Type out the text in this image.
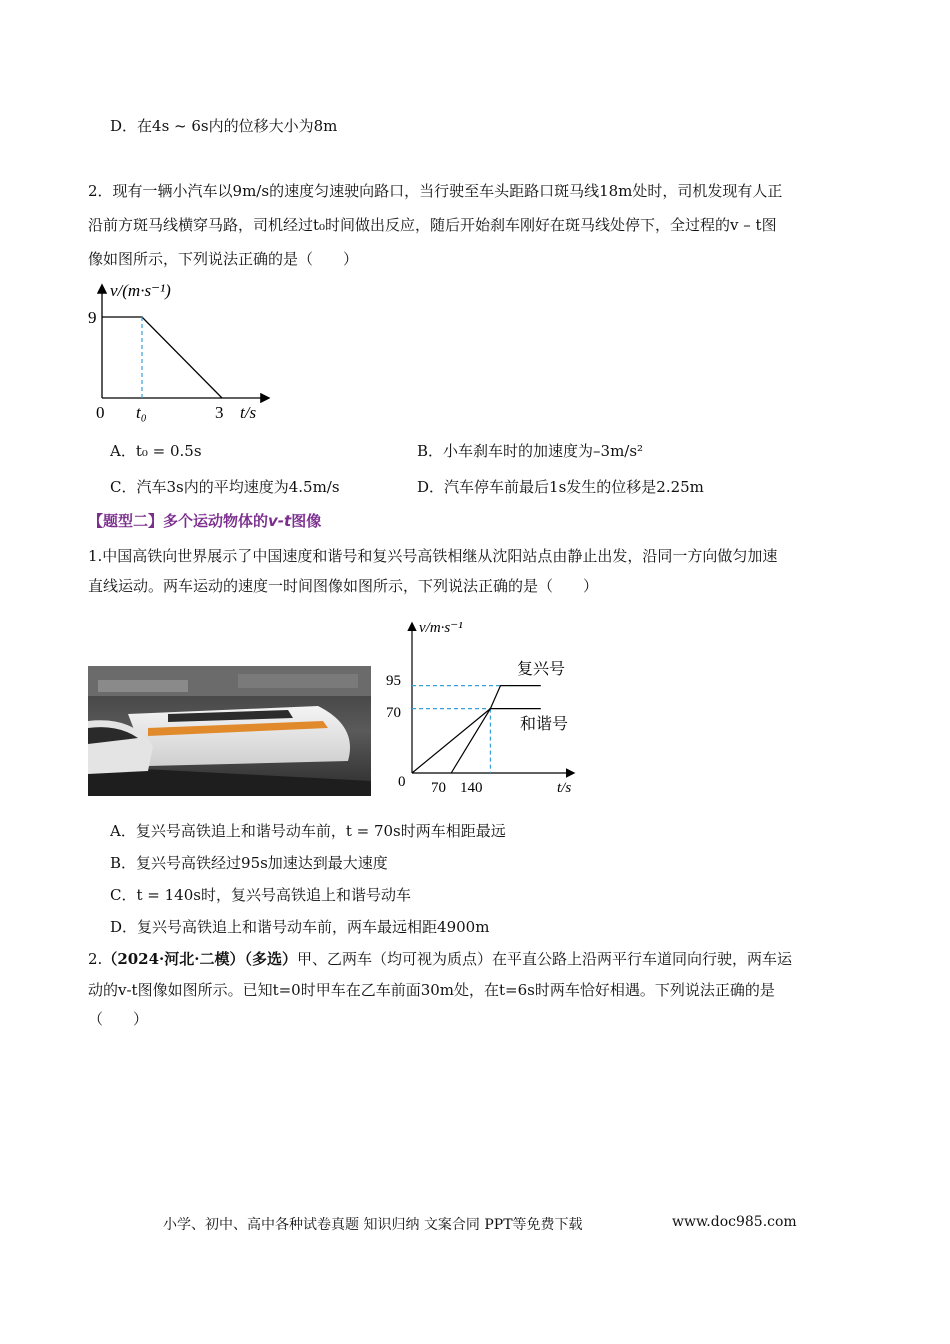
D．在4s ~ 6s内的位移大小为8m
2．现有一辆小汽车以9m/s的速度匀速驶向路口，当行驶至车头距路口斑马线18m处时，司机发现有人正
沿前方斑马线横穿马路，司机经过t₀时间做出反应，随后开始刹车刚好在斑马线处停下，全过程的v – t图
像如图所示，下列说法正确的是（　　）
v/(m·s⁻¹)
t/s
9
0 t₀	3
A．t₀ = 0.5s	B．小车刹车时的加速度为–3m/s²
C．汽车3s内的平均速度为4.5m/s	D．汽车停车前最后1s发生的位移是2.25m
【题型二】多个运动物体的v-t图像
1.中国高铁向世界展示了中国速度和谐号和复兴号高铁相继从沈阳站点由静止出发，沿同一方向做匀加速
直线运动。两车运动的速度一时间图像如图所示，下列说法正确的是（　　）
v/m·s⁻¹
t/s
95
70
0 70 140
复兴号
和谐号
A．复兴号高铁追上和谐号动车前，t = 70s时两车相距最远
B．复兴号高铁经过95s加速达到最大速度
C．t = 140s时，复兴号高铁追上和谐号动车
D．复兴号高铁追上和谐号动车前，两车最远相距4900m
2.（2024·河北·二模）（多选）甲、乙两车（均可视为质点）在平直公路上沿两平行车道同向行驶，两车运
动的v-t图像如图所示。已知t=0时甲车在乙车前面30m处，在t=6s时两车恰好相遇。下列说法正确的是
（　　）
小学、初中、高中各种试卷真题 知识归纳 文案合同 PPT等免费下载	www.doc985.com
